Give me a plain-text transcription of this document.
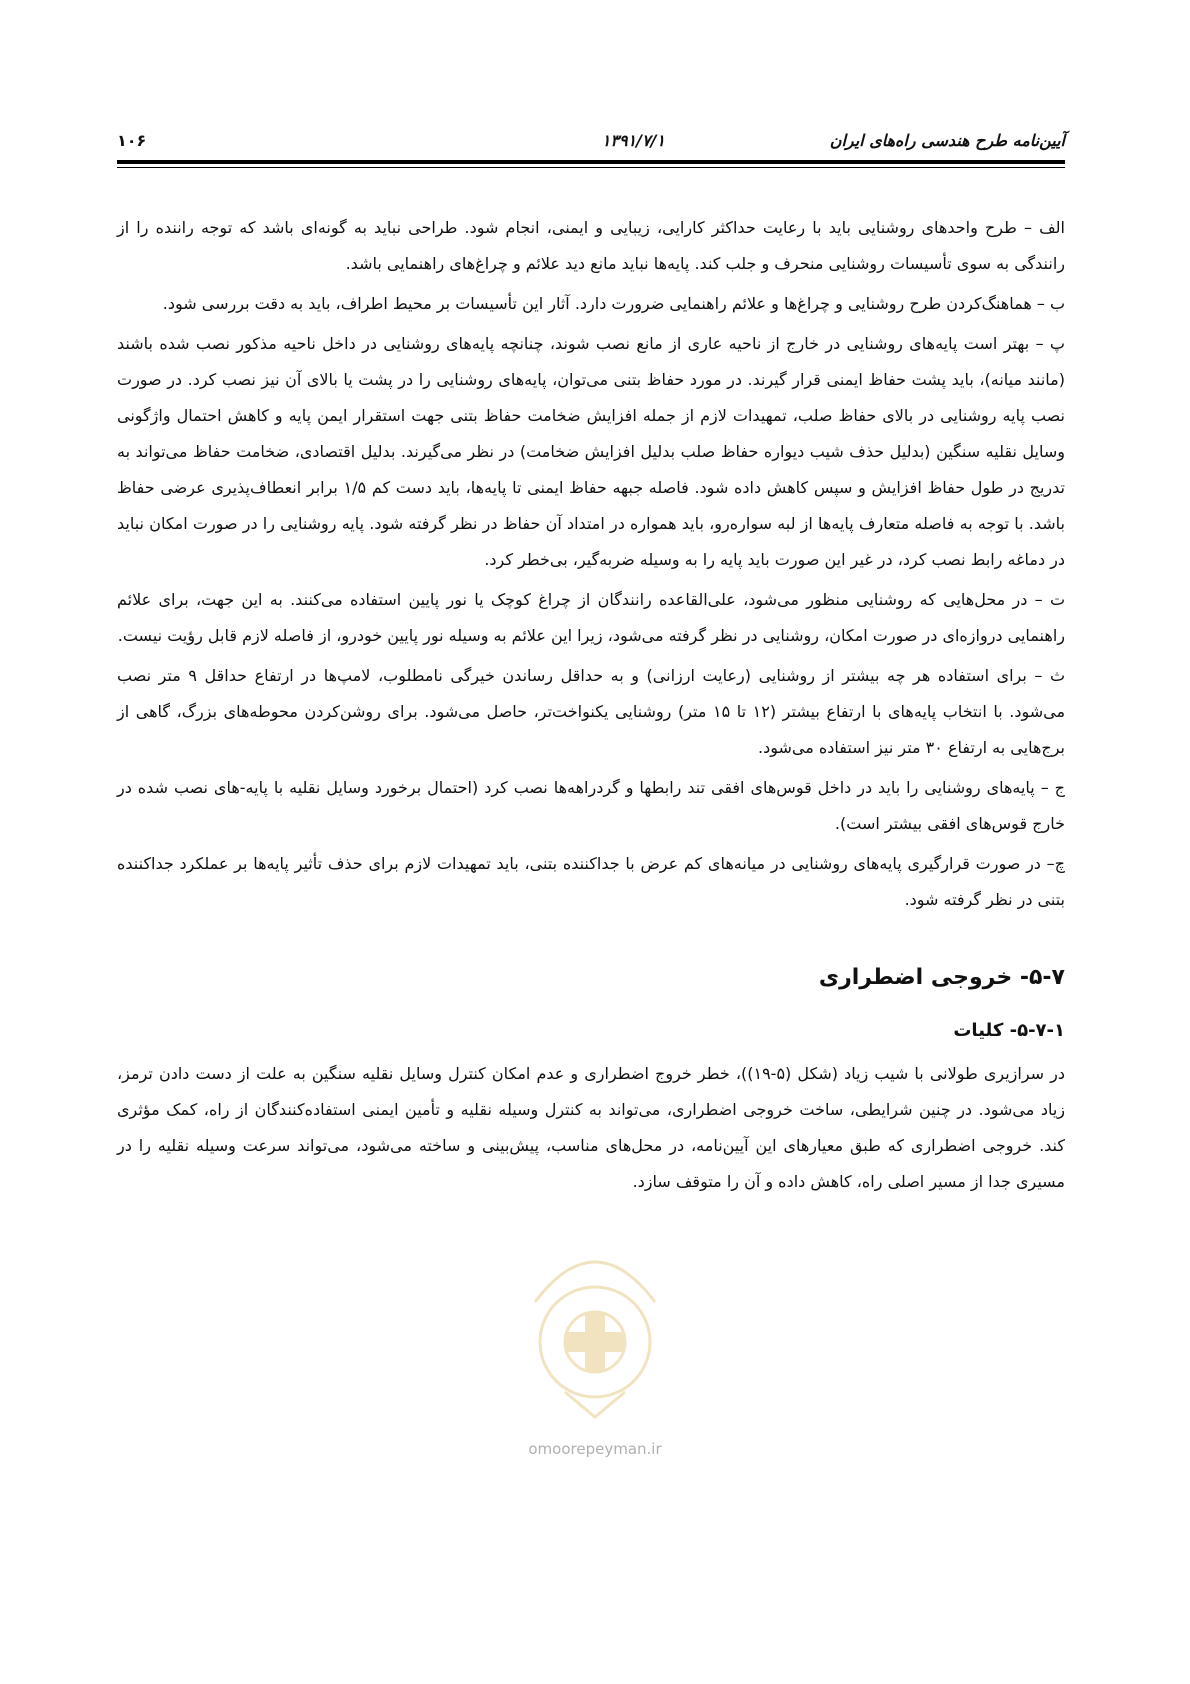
آیین‌نامه طرح هندسی راه‌های ایران
۱۳۹۱/۷/۱
۱۰۶

الف – طرح واحدهای روشنایی باید با رعایت حداکثر کارایی، زیبایی و ایمنی، انجام شود. طراحی نباید به گونه‌ای باشد که توجه راننده را از رانندگی به سوی تأسیسات روشنایی منحرف و جلب کند. پایه‌ها نباید مانع دید علائم و چراغ‌های راهنمایی باشد.

ب – هماهنگ‌کردن طرح روشنایی و چراغ‌ها و علائم راهنمایی ضرورت دارد. آثار این تأسیسات بر محیط اطراف، باید به دقت بررسی شود.

پ – بهتر است پایه‌های روشنایی در خارج از ناحیه عاری از مانع نصب شوند، چنانچه پایه‌های روشنایی در داخل ناحیه مذکور نصب شده باشند (مانند میانه)، باید پشت حفاظ ایمنی قرار گیرند. در مورد حفاظ بتنی می‌توان، پایه‌های روشنایی را در پشت یا بالای آن نیز نصب کرد. در صورت نصب پایه روشنایی در بالای حفاظ صلب، تمهیدات لازم از جمله افزایش ضخامت حفاظ بتنی جهت استقرار ایمن پایه و کاهش احتمال واژگونی وسایل نقلیه سنگین (بدلیل حذف شیب دیواره حفاظ صلب بدلیل افزایش ضخامت) در نظر می‌گیرند. بدلیل اقتصادی، ضخامت حفاظ می‌تواند به تدریج در طول حفاظ افزایش و سپس کاهش داده شود. فاصله جبهه حفاظ ایمنی تا پایه‌ها، باید دست کم ۱/۵ برابر انعطاف‌پذیری عرضی حفاظ باشد. با توجه به فاصله متعارف پایه‌ها از لبه سواره‌رو، باید همواره در امتداد آن حفاظ در نظر گرفته شود. پایه روشنایی را در صورت امکان نباید در دماغه رابط نصب کرد، در غیر این صورت باید پایه را به وسیله ضربه‌گیر، بی‌خطر کرد.

ت – در محل‌هایی که روشنایی منظور می‌شود، علی‌القاعده رانندگان از چراغ کوچک یا نور پایین استفاده می‌کنند. به این جهت، برای علائم راهنمایی دروازه‌ای در صورت امکان، روشنایی در نظر گرفته می‌شود، زیرا این علائم به وسیله نور پایین خودرو، از فاصله لازم قابل رؤیت نیست.

ث – برای استفاده هر چه بیشتر از روشنایی (رعایت ارزانی) و به حداقل رساندن خیرگی نامطلوب، لامپ‌ها در ارتفاع حداقل ۹ متر نصب می‌شود. با انتخاب پایه‌های با ارتفاع بیشتر (۱۲ تا ۱۵ متر) روشنایی یکنواخت‌تر، حاصل می‌شود. برای روشن‌کردن محوطه‌های بزرگ، گاهی از برج‌هایی به ارتفاع ۳۰ متر نیز استفاده می‌شود.

ج – پایه‌های روشنایی را باید در داخل قوس‌های افقی تند رابطها و گردراهه‌ها نصب کرد (احتمال برخورد وسایل نقلیه با پایه-های نصب شده در خارج قوس‌های افقی بیشتر است).

چ– در صورت قرارگیری پایه‌های روشنایی در میانه‌های کم عرض با جداکننده بتنی، باید تمهیدات لازم برای حذف تأثیر پایه‌ها بر عملکرد جداکننده بتنی در نظر گرفته شود.

۵-۷- خروجی اضطراری
۵-۷-۱- کلیات

در سرازیری طولانی با شیب زیاد (شکل (۵-۱۹))، خطر خروج اضطراری و عدم امکان کنترل وسایل نقلیه سنگین به علت از دست دادن ترمز، زیاد می‌شود. در چنین شرایطی، ساخت خروجی اضطراری، می‌تواند به کنترل وسیله نقلیه و تأمین ایمنی استفاده‌کنندگان از راه، کمک مؤثری کند. خروجی اضطراری که طبق معیارهای این آیین‌نامه، در محل‌های مناسب، پیش‌بینی و ساخته می‌شود، می‌تواند سرعت وسیله نقلیه را در مسیری جدا از مسیر اصلی راه، کاهش داده و آن را متوقف سازد.

omoorepeyman.ir
